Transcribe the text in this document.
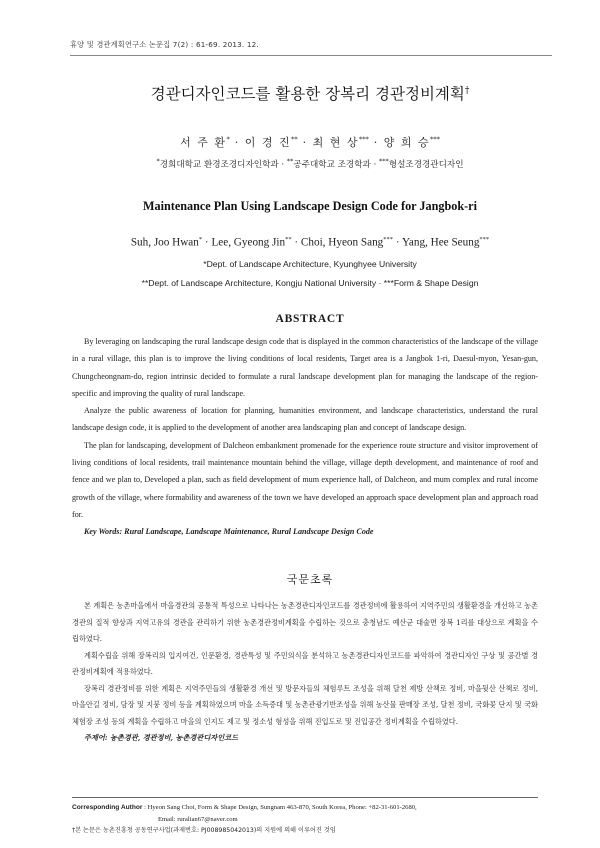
휴양 및 경관계획연구소 논문집 7(2) : 61-69. 2013. 12.
경관디자인코드를 활용한 장복리 경관정비계획†
서 주 환* · 이 경 진** · 최 현 상*** · 양 희 승***
*경희대학교 환경조경디자인학과 · **공주대학교 조경학과 · ***형설조경경관디자인
Maintenance Plan Using Landscape Design Code for Jangbok-ri
Suh, Joo Hwan* · Lee, Gyeong Jin** · Choi, Hyeon Sang*** · Yang, Hee Seung***
*Dept. of Landscape Architecture, Kyunghyee University
**Dept. of Landscape Architecture, Kongju National University · ***Form & Shape Design
ABSTRACT

By leveraging on landscaping the rural landscape design code that is displayed in the common characteristics of the landscape of the village in a rural village, this plan is to improve the living conditions of local residents, Target area is a Jangbok 1-ri, Daesul-myon, Yesan-gun, Chungcheongnam-do, region intrinsic decided to formulate a rural landscape development plan for managing the landscape of the region-specific and improving the quality of rural landscape.

Analyze the public awareness of location for planning, humanities environment, and landscape characteristics, understand the rural landscape design code, it is applied to the development of another area landscaping plan and concept of landscape design.

The plan for landscaping, development of Dalcheon embankment promenade for the experience route structure and visitor improvement of living conditions of local residents, trail maintenance mountain behind the village, village depth development, and maintenance of roof and fence and we plan to, Developed a plan, such as field development of mum experience hall, of Dalcheon, and mum complex and rural income growth of the village, where formability and awareness of the town we have developed an approach space development plan and approach road for.

Key Words: Rural Landscape, Landscape Maintenance, Rural Landscape Design Code
국문초록

본 계획은 농촌마을에서 마을경관의 공통적 특성으로 나타나는 농촌경관디자인코드를 경관정비에 활용하여 지역주민의 생활환경을 개선하고 농촌경관의 질적 향상과 지역고유의 경관을 관리하기 위한 농촌경관정비계획을 수립하는 것으로 충청남도 예산군 대술면 장복 1리를 대상으로 계획을 수립하였다.

계획수립을 위해 장복리의 입지여건, 인문환경, 경관특성 및 주민의식을 분석하고 농촌경관디자인코드를 파악하여 경관디자인 구상 및 공간별 경관정비계획에 적용하였다.

장복리 경관정비를 위한 계획은 지역주민들의 생활환경 개선 및 방문자들의 체험루트 조성을 위해 달천 제방 산책로 정비, 마을뒷산 산책로 정비, 마을안길 정비, 담장 및 지붕 정비 등을 계획하였으며 마을 소득증대 및 농촌관광기반조성을 위해 농산물 판매장 조성, 달천 정비, 국화꽃 단지 및 국화체험장 조성 등의 계획을 수립하고 마을의 인지도 제고 및 정소성 형성을 위해 진입도로 및 진입공간 정비계획을 수립하였다.

주제어: 농촌경관, 경관정비, 농촌경관디자인코드
Corresponding Author : Hyeon Sang Choi, Form & Shape Design, Sungnam 463-870, South Korea, Phone: +82-31-601-2680,
Email: ruralian67@naver.com
†본 논문은 농촌진흥청 공동연구사업(과제번호: PJ008985042013)의 지원에 의해 이루어진 것임
